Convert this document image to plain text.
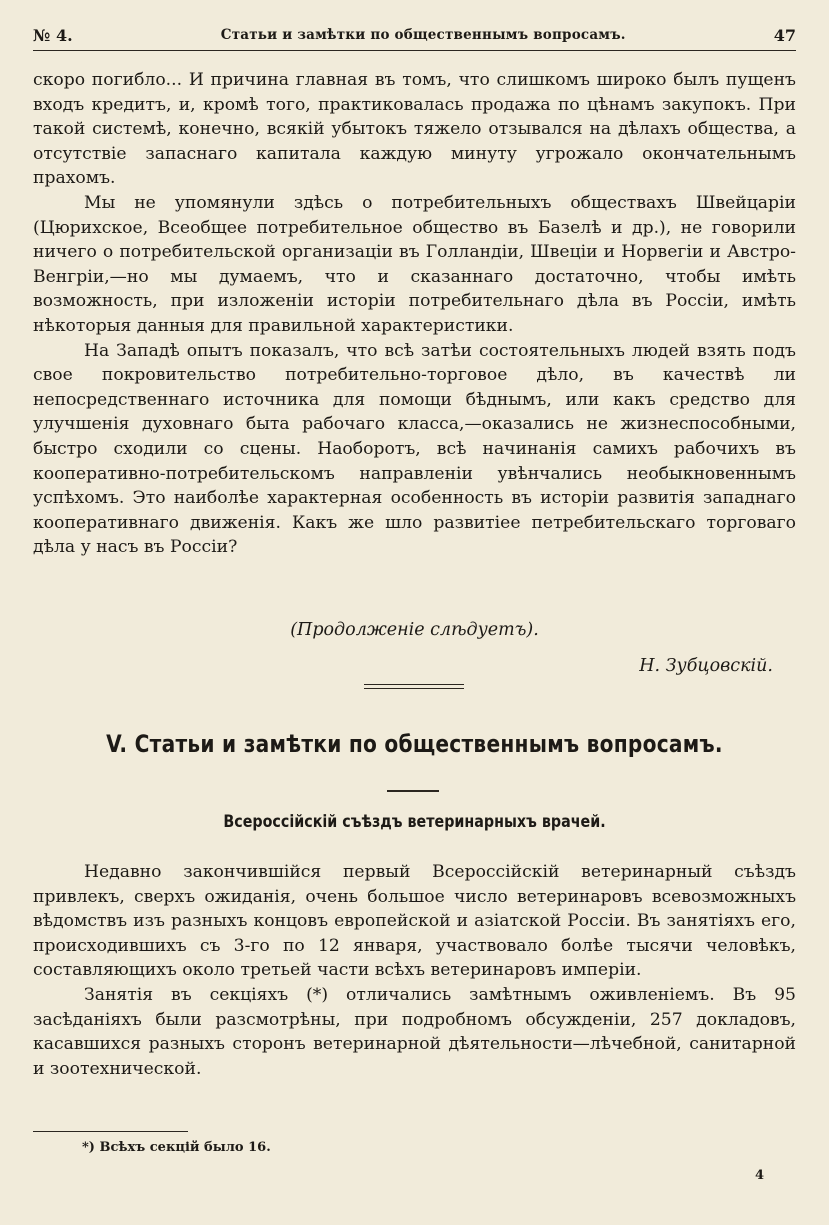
№ 4.	Статьи и замѣтки по общественнымъ вопросамъ.	47

скоро погибло... И причина главная въ томъ, что слишкомъ широко былъ пущенъ входъ кредитъ, и, кромѣ того, практиковалась продажа по цѣнамъ закупокъ. При такой системѣ, конечно, всякій убытокъ тяжело отзывался на дѣлахъ общества, а отсутствіе запаснаго капитала каждую минуту угрожало окончательнымъ прахомъ.

Мы не упомянули здѣсь о потребительныхъ обществахъ Швейцаріи (Цюрихское, Всеобщее потребительное общество въ Базелѣ и др.), не говорили ничего о потребительской организаціи въ Голландіи, Швеціи и Норвегіи и Австро-Венгріи,—но мы думаемъ, что и сказаннаго достаточно, чтобы имѣть возможность, при изложеніи исторіи потребительнаго дѣла въ Россіи, имѣть нѣкоторыя данныя для правильной характеристики.

На Западѣ опытъ показалъ, что всѣ затѣи состоятельныхъ людей взять подъ свое покровительство потребительно-торговое дѣло, въ качествѣ ли непосредственнаго источника для помощи бѣднымъ, или какъ средство для улучшенія духовнаго быта рабочаго класса,—оказались не жизнеспособными, быстро сходили со сцены. Наоборотъ, всѣ начинанія самихъ рабочихъ въ кооперативно-потребительскомъ направленіи увѣнчались необыкновеннымъ успѣхомъ. Это наиболѣе характерная особенность въ исторіи развитія западнаго кооперативнаго движенія. Какъ же шло развитіее петребительскаго торговаго дѣла у насъ въ Россіи?

(Продолженіе слѣдуетъ).
Н. Зубцовскій.
V. Статьи и замѣтки по общественнымъ вопросамъ.
Всероссійскій съѣздъ ветеринарныхъ врачей.

Недавно закончившійся первый Всероссійскій ветеринарный съѣздъ привлекъ, сверхъ ожиданія, очень большое число ветеринаровъ всевозможныхъ вѣдомствъ изъ разныхъ концовъ европейской и азіатской Россіи. Въ занятіяхъ его, происходившихъ съ 3-го по 12 января, участвовало болѣе тысячи человѣкъ, составляющихъ около третьей части всѣхъ ветеринаровъ имперіи.

Занятія въ секціяхъ (*) отличались замѣтнымъ оживленіемъ. Въ 95 засѣданіяхъ были разсмотрѣны, при подробномъ обсужденіи, 257 докладовъ, касавшихся разныхъ сторонъ ветеринарной дѣятельности—лѣчебной, санитарной и зоотехнической.

*) Всѣхъ секцій было 16.
4
